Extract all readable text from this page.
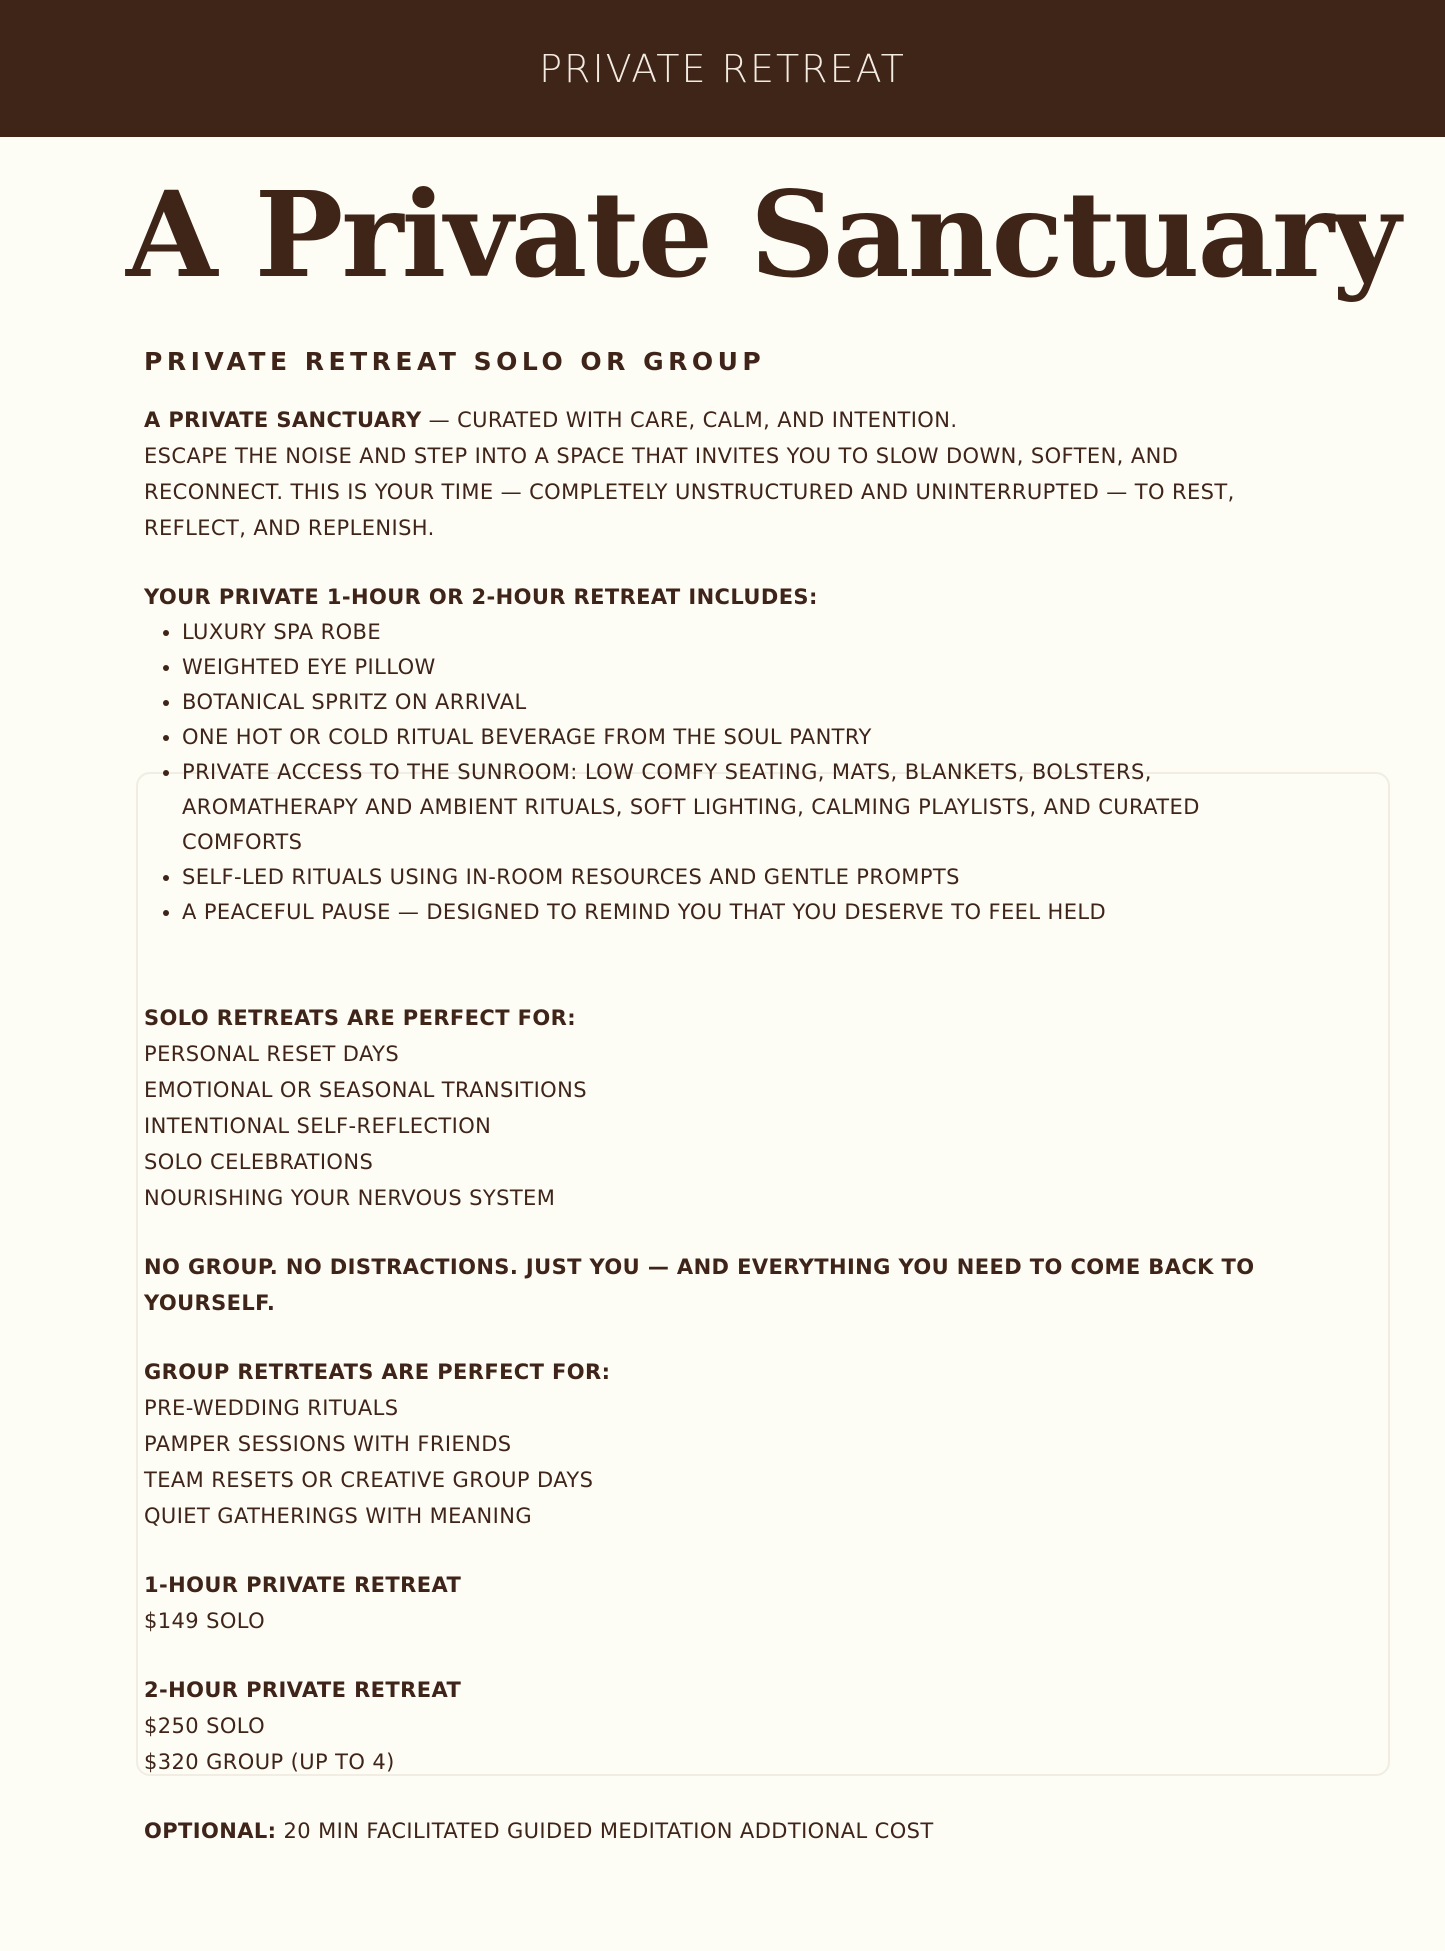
PRIVATE RETREAT
A Private Sanctuary
PRIVATE RETREAT SOLO OR GROUP

A PRIVATE SANCTUARY — CURATED WITH CARE, CALM, AND INTENTION.

ESCAPE THE NOISE AND STEP INTO A SPACE THAT INVITES YOU TO SLOW DOWN, SOFTEN, AND RECONNECT. THIS IS YOUR TIME — COMPLETELY UNSTRUCTURED AND UNINTERRUPTED — TO REST, REFLECT, AND REPLENISH.

YOUR PRIVATE 1-HOUR OR 2-HOUR RETREAT INCLUDES:

• LUXURY SPA ROBE
• WEIGHTED EYE PILLOW
• BOTANICAL SPRITZ ON ARRIVAL
• ONE HOT OR COLD RITUAL BEVERAGE FROM THE SOUL PANTRY
• PRIVATE ACCESS TO THE SUNROOM: LOW COMFY SEATING, MATS, BLANKETS, BOLSTERS, AROMATHERAPY AND AMBIENT RITUALS, SOFT LIGHTING, CALMING PLAYLISTS, AND CURATED COMFORTS
• SELF-LED RITUALS USING IN-ROOM RESOURCES AND GENTLE PROMPTS
• A PEACEFUL PAUSE — DESIGNED TO REMIND YOU THAT YOU DESERVE TO FEEL HELD

SOLO RETREATS ARE PERFECT FOR:

PERSONAL RESET DAYS
EMOTIONAL OR SEASONAL TRANSITIONS
INTENTIONAL SELF-REFLECTION
SOLO CELEBRATIONS
NOURISHING YOUR NERVOUS SYSTEM

NO GROUP. NO DISTRACTIONS. JUST YOU — AND EVERYTHING YOU NEED TO COME BACK TO YOURSELF.

GROUP RETRTEATS ARE PERFECT FOR:

PRE-WEDDING RITUALS
PAMPER SESSIONS WITH FRIENDS
TEAM RESETS OR CREATIVE GROUP DAYS
QUIET GATHERINGS WITH MEANING

1-HOUR PRIVATE RETREAT

$149 SOLO

2-HOUR PRIVATE RETREAT

$250 SOLO

$320 GROUP (UP TO 4)

OPTIONAL: 20 MIN FACILITATED GUIDED MEDITATION ADDTIONAL COST
